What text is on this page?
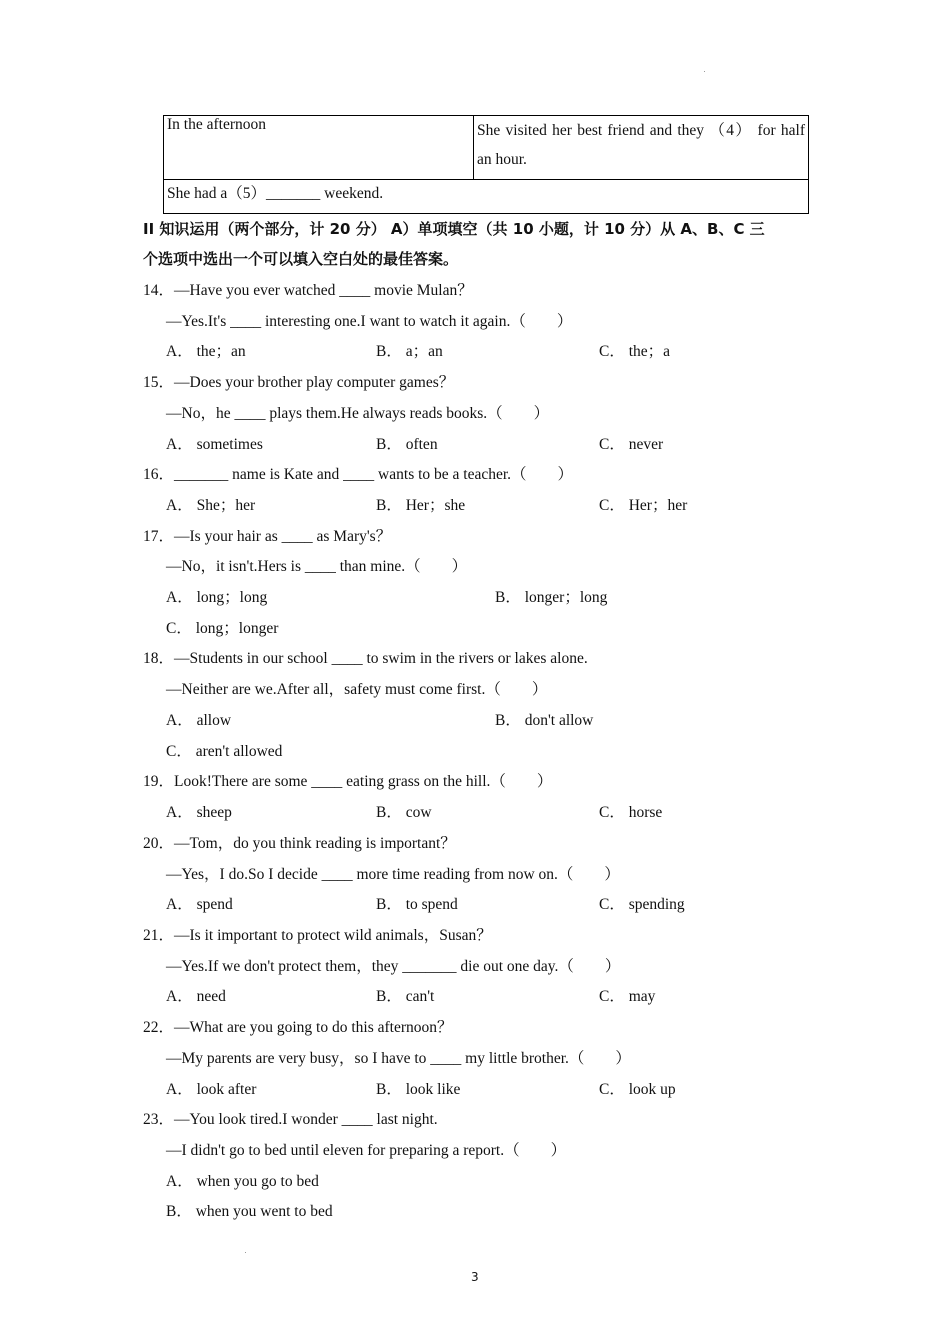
In the afternoon	She visited her best friend and they （4） for half an hour.
She had a（5）_______ weekend.
II 知识运用（两个部分，计 20 分） A）单项填空（共 10 小题，计 10 分）从 A、B、C 三
个选项中选出一个可以填入空白处的最佳答案。
14．—Have you ever watched ____ movie Mulan？
—Yes.It's ____ interesting one.I want to watch it again.（　　）
A． the；an	B． a；an	C． the；a
15．—Does your brother play computer games？
—No，he ____ plays them.He always reads books.（　　）
A． sometimes	B． often	C． never
16．_______ name is Kate and ____ wants to be a teacher.（　　）
A． She；her	B． Her；she	C． Her；her
17．—Is your hair as ____ as Mary's？
—No，it isn't.Hers is ____ than mine.（　　）
A． long；long	B． longer；long
C． long；longer
18．—Students in our school ____ to swim in the rivers or lakes alone.
—Neither are we.After all，safety must come first.（　　）
A． allow	B． don't allow
C． aren't allowed
19．Look!There are some ____ eating grass on the hill.（　　）
A． sheep	B． cow	C． horse
20．—Tom，do you think reading is important？
—Yes，I do.So I decide ____ more time reading from now on.（　　）
A． spend	B． to spend	C． spending
21．—Is it important to protect wild animals，Susan？
—Yes.If we don't protect them，they _______ die out one day.（　　）
A． need	B． can't	C． may
22．—What are you going to do this afternoon？
—My parents are very busy，so I have to ____ my little brother.（　　）
A． look after	B． look like	C． look up
23．—You look tired.I wonder ____ last night.
—I didn't go to bed until eleven for preparing a report.（　　）
A． when you go to bed
B． when you went to bed
3
